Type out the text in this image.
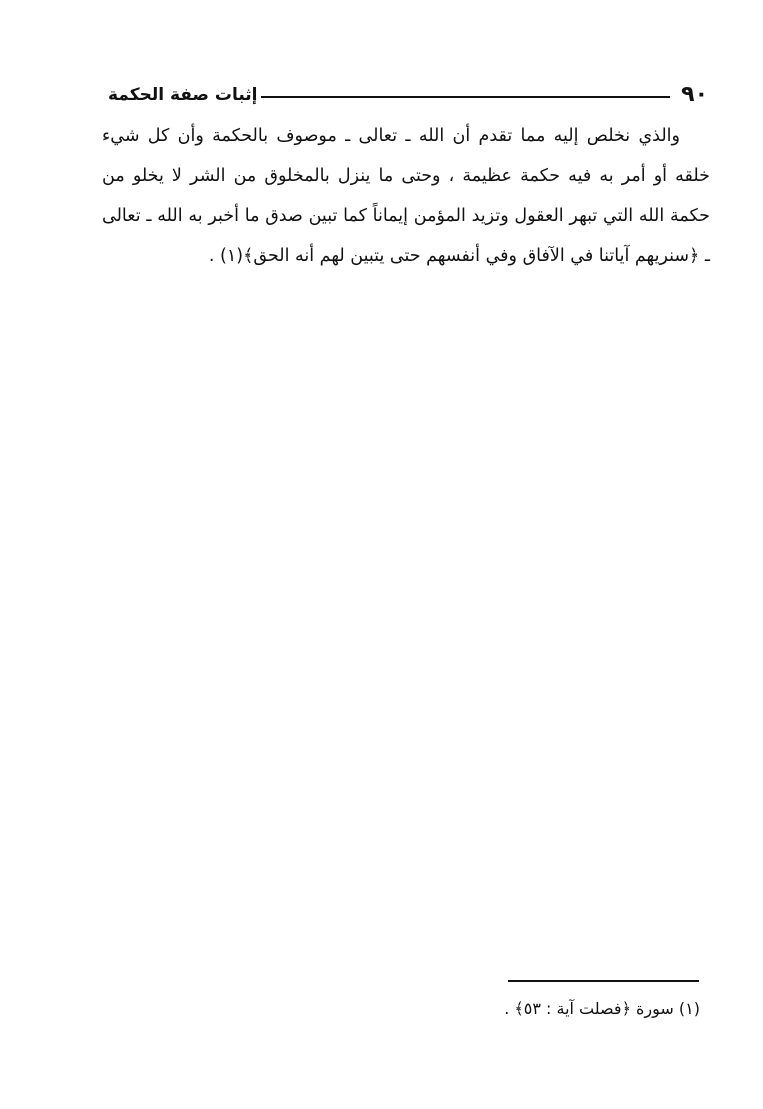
إثبات صفة الحكمة	٩٠

والذي نخلص إليه مما تقدم أن الله ـ تعالى ـ موصوف بالحكمة وأن كل شيء خلقه أو أمر به فيه حكمة عظيمة ، وحتى ما ينزل بالمخلوق من الشر لا يخلو من حكمة الله التي تبهر العقول وتزيد المؤمن إيماناً كما تبين صدق ما أخبر به الله ـ تعالى ـ ﴿سنريهم آياتنا في الآفاق وفي أنفسهم حتى يتبين لهم أنه الحق﴾(١) .

(١) سورة ﴿فصلت آية : ٥٣﴾ .
